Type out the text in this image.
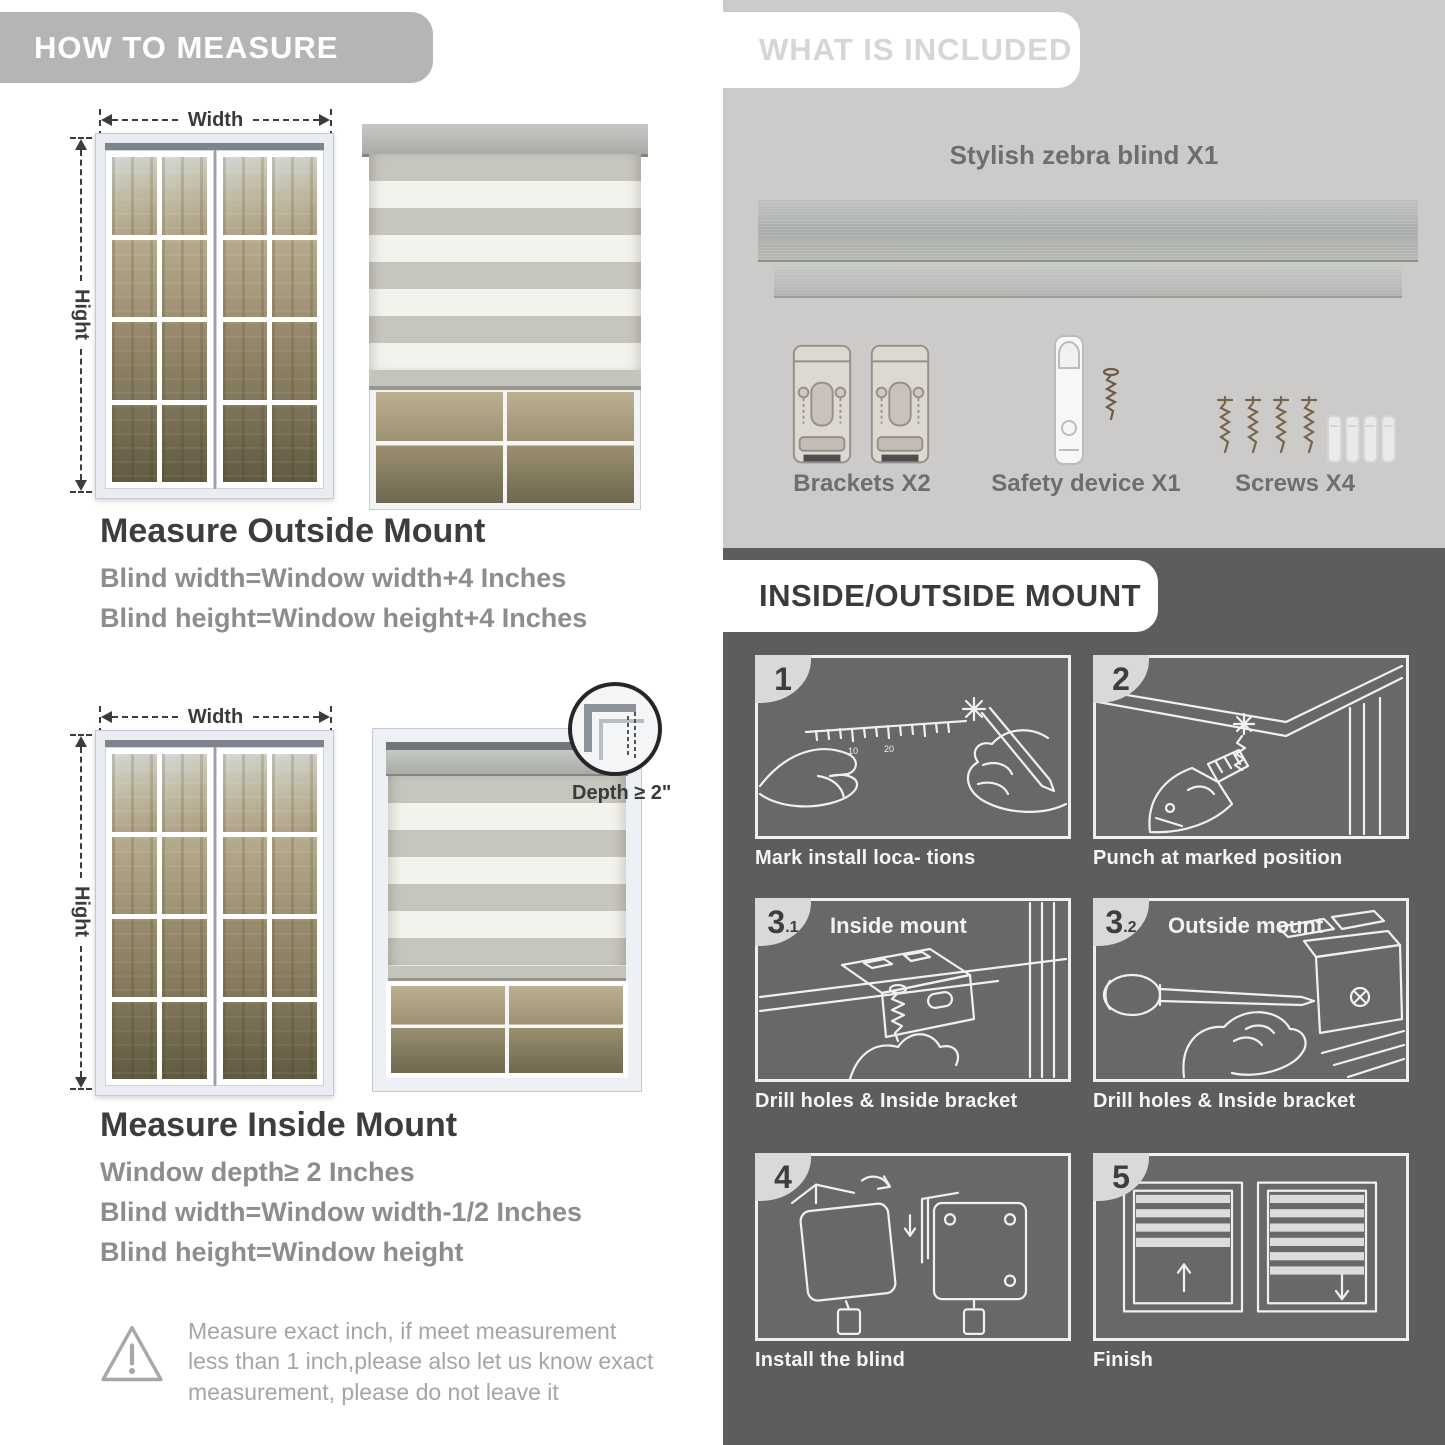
HOW TO MEASURE
Width
Hight
Measure Outside Mount
Blind width=Window width+4 Inches
Blind height=Window height+4 Inches
Width
Hight
Depth ≥ 2"
Measure Inside Mount
Window depth≥ 2 Inches
Blind width=Window width-1/2 Inches
Blind height=Window height
Measure exact inch, if meet measurement less than 1 inch,please also let us know exact measurement, please do not leave it
WHAT IS INCLUDED
Stylish zebra blind X1
Brackets X2	Safety device X1	Screws X4
INSIDE/OUTSIDE MOUNT
1
10	20
Mark install loca- tions
2
Punch at marked position
3 .1 Inside mount
Drill holes & Inside bracket
3 .2 Outside mount
Drill holes & Inside bracket
4
Install the blind
5
Finish
